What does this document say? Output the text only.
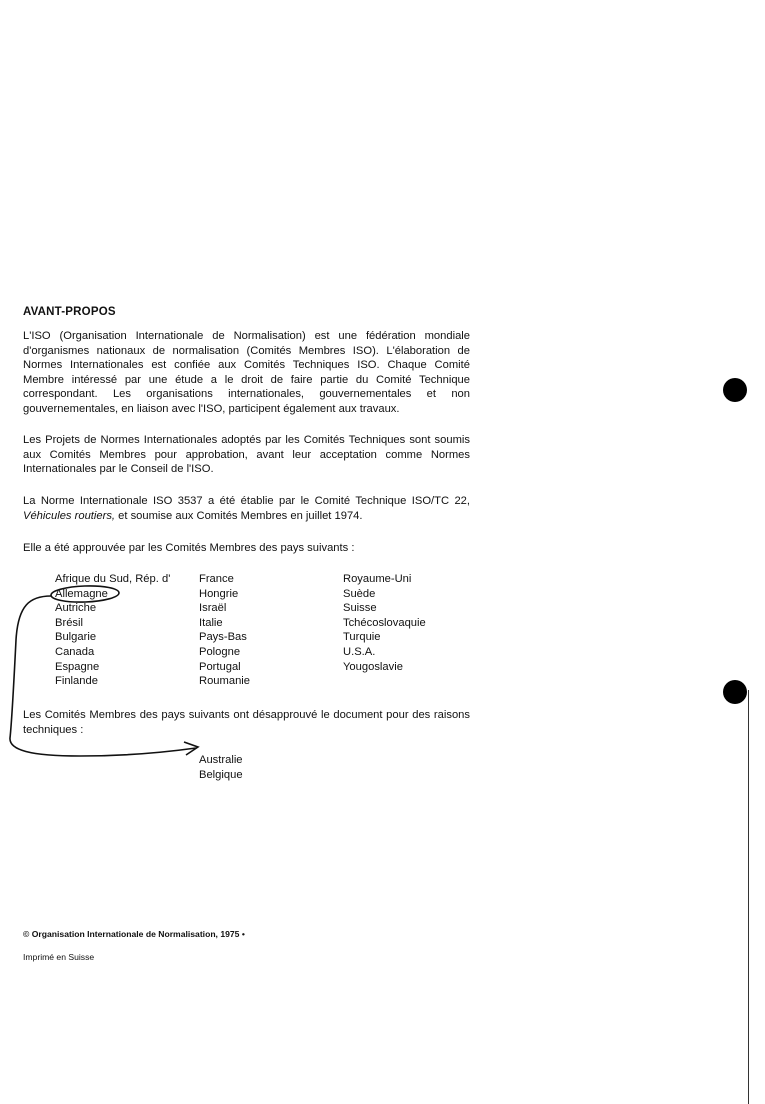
AVANT-PROPOS
L'ISO (Organisation Internationale de Normalisation) est une fédération mondiale d'organismes nationaux de normalisation (Comités Membres ISO). L'élaboration de Normes Internationales est confiée aux Comités Techniques ISO. Chaque Comité Membre intéressé par une étude a le droit de faire partie du Comité Technique correspondant. Les organisations internationales, gouvernementales et non gouvernementales, en liaison avec l'ISO, participent également aux travaux.
Les Projets de Normes Internationales adoptés par les Comités Techniques sont soumis aux Comités Membres pour approbation, avant leur acceptation comme Normes Internationales par le Conseil de l'ISO.
La Norme Internationale ISO 3537 a été établie par le Comité Technique ISO/TC 22, Véhicules routiers, et soumise aux Comités Membres en juillet 1974.
Elle a été approuvée par les Comités Membres des pays suivants :
Afrique du Sud, Rép. d'
Allemagne
Autriche
Brésil
Bulgarie
Canada
Espagne
Finlande
France
Hongrie
Israël
Italie
Pays-Bas
Pologne
Portugal
Roumanie
Royaume-Uni
Suède
Suisse
Tchécoslovaquie
Turquie
U.S.A.
Yougoslavie
Les Comités Membres des pays suivants ont désapprouvé le document pour des raisons techniques :
Australie
Belgique
© Organisation Internationale de Normalisation, 1975 •
Imprimé en Suisse
